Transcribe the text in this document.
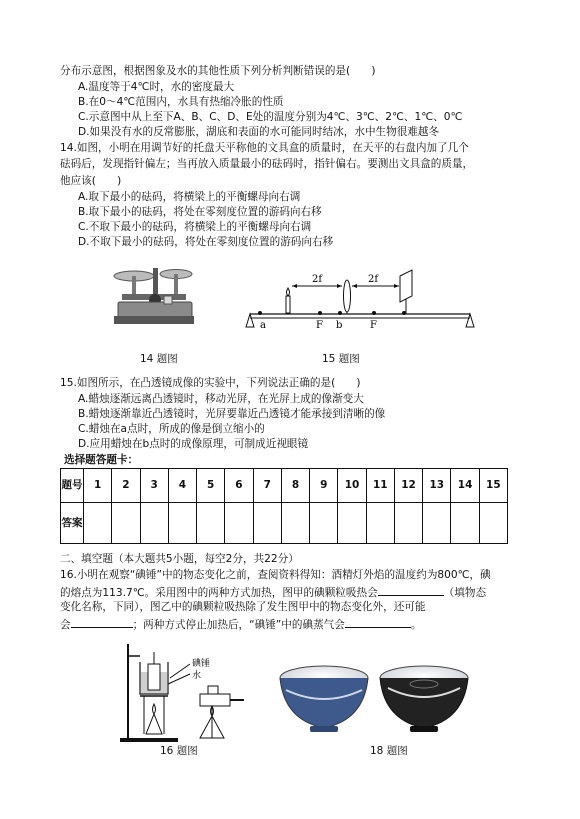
分布示意图，根据图象及水的其他性质下列分析判断错误的是(　　)
A.温度等于4℃时，水的密度最大
B.在0～4℃范围内，水具有热缩冷胀的性质
C.示意图中从上至下A、B、C、D、E处的温度分别为4℃、3℃、2℃、1℃、0℃
D.如果没有水的反常膨胀，湖底和表面的水可能同时结冰，水中生物很难越冬
14.如图，小明在用调节好的托盘天平称他的文具盒的质量时，在天平的右盘内加了几个
砝码后，发现指针偏左；当再放入质量最小的砝码时，指针偏右。要测出文具盒的质量，
他应该(　　)
A.取下最小的砝码，将横梁上的平衡螺母向右调
B.取下最小的砝码，将处在零刻度位置的游码向右移
C.不取下最小的砝码，将横梁上的平衡螺母向右调
D.不取下最小的砝码，将处在零刻度位置的游码向右移
14 题图
2f	2f
a	F b	F
15 题图
15.如图所示，在凸透镜成像的实验中，下列说法正确的是(　　)
A.蜡烛逐渐远离凸透镜时，移动光屏，在光屏上成的像渐变大
B.蜡烛逐渐靠近凸透镜时，光屏要靠近凸透镜才能承接到清晰的像
C.蜡烛在a点时，所成的像是倒立缩小的
D.应用蜡烛在b点时的成像原理，可制成近视眼镜
选择题答题卡：
题号	1	2	3	4	5	6	7	8	9	10	11	12	13	14	15
答案															
二、填空题（本大题共5小题，每空2分，共22分）
16.小明在观察“碘锤”中的物态变化之前，查阅资料得知：酒精灯外焰的温度约为800℃，碘
的熔点为113.7℃。采用图中的两种方式加热，图甲的碘颗粒吸热会	（填物态
变化名称，下同），图乙中的碘颗粒吸热除了发生图甲中的物态变化外，还可能
会	；两种方式停止加热后，“碘锤”中的碘蒸气会	。
碘锤
水
16 题图	18 题图
